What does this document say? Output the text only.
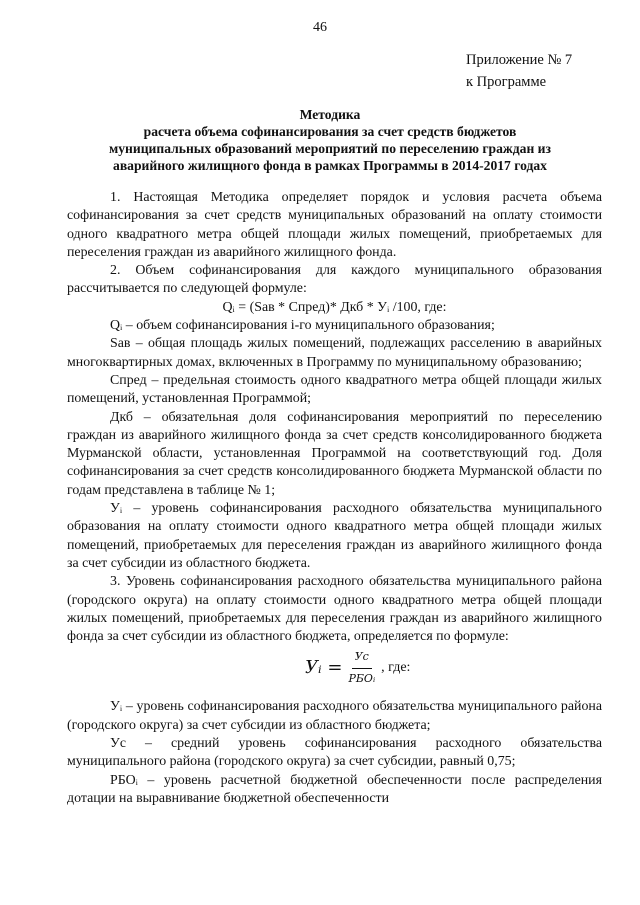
46
Приложение № 7
к Программе
Методика
расчета объема софинансирования за счет средств бюджетов
муниципальных образований мероприятий по переселению граждан из
аварийного жилищного фонда в рамках Программы в 2014-2017 годах

1. Настоящая Методика определяет порядок и условия расчета объема софинансирования за счет средств муниципальных образований на оплату стоимости одного квадратного метра общей площади жилых помещений, приобретаемых для переселения граждан из аварийного жилищного фонда.

2. Объем софинансирования для каждого муниципального образования рассчитывается по следующей формуле:

Qᵢ = (Sав * Спред)* Дкб * Уᵢ /100, где:

Qᵢ – объем софинансирования i-го муниципального образования;

Sав – общая площадь жилых помещений, подлежащих расселению в аварийных многоквартирных домах, включенных в Программу по муниципальному образованию;

Спред – предельная стоимость одного квадратного метра общей площади жилых помещений, установленная Программой;

Дкб – обязательная доля софинансирования мероприятий по переселению граждан из аварийного жилищного фонда за счет средств консолидированного бюджета Мурманской области, установленная Программой на соответствующий год. Доля софинансирования за счет средств консолидированного бюджета Мурманской области по годам представлена в таблице № 1;

Уᵢ – уровень софинансирования расходного обязательства муниципального образования на оплату стоимости одного квадратного метра общей площади жилых помещений, приобретаемых для переселения граждан из аварийного жилищного фонда за счет субсидии из областного бюджета.

3. Уровень софинансирования расходного обязательства муниципального района (городского округа) на оплату стоимости одного квадратного метра общей площади жилых помещений, приобретаемых для переселения граждан из аварийного жилищного фонда за счет субсидии из областного бюджета, определяется по формуле:

Уᵢ = $\frac{Уc}{\text{РБОᵢ}}$ , где:

Уᵢ – уровень софинансирования расходного обязательства муниципального района (городского округа) за счет субсидии из областного бюджета;

Уc – средний уровень софинансирования расходного обязательства муниципального района (городского округа) за счет субсидии, равный 0,75;

РБОᵢ – уровень расчетной бюджетной обеспеченности после распределения дотации на выравнивание бюджетной обеспеченности
